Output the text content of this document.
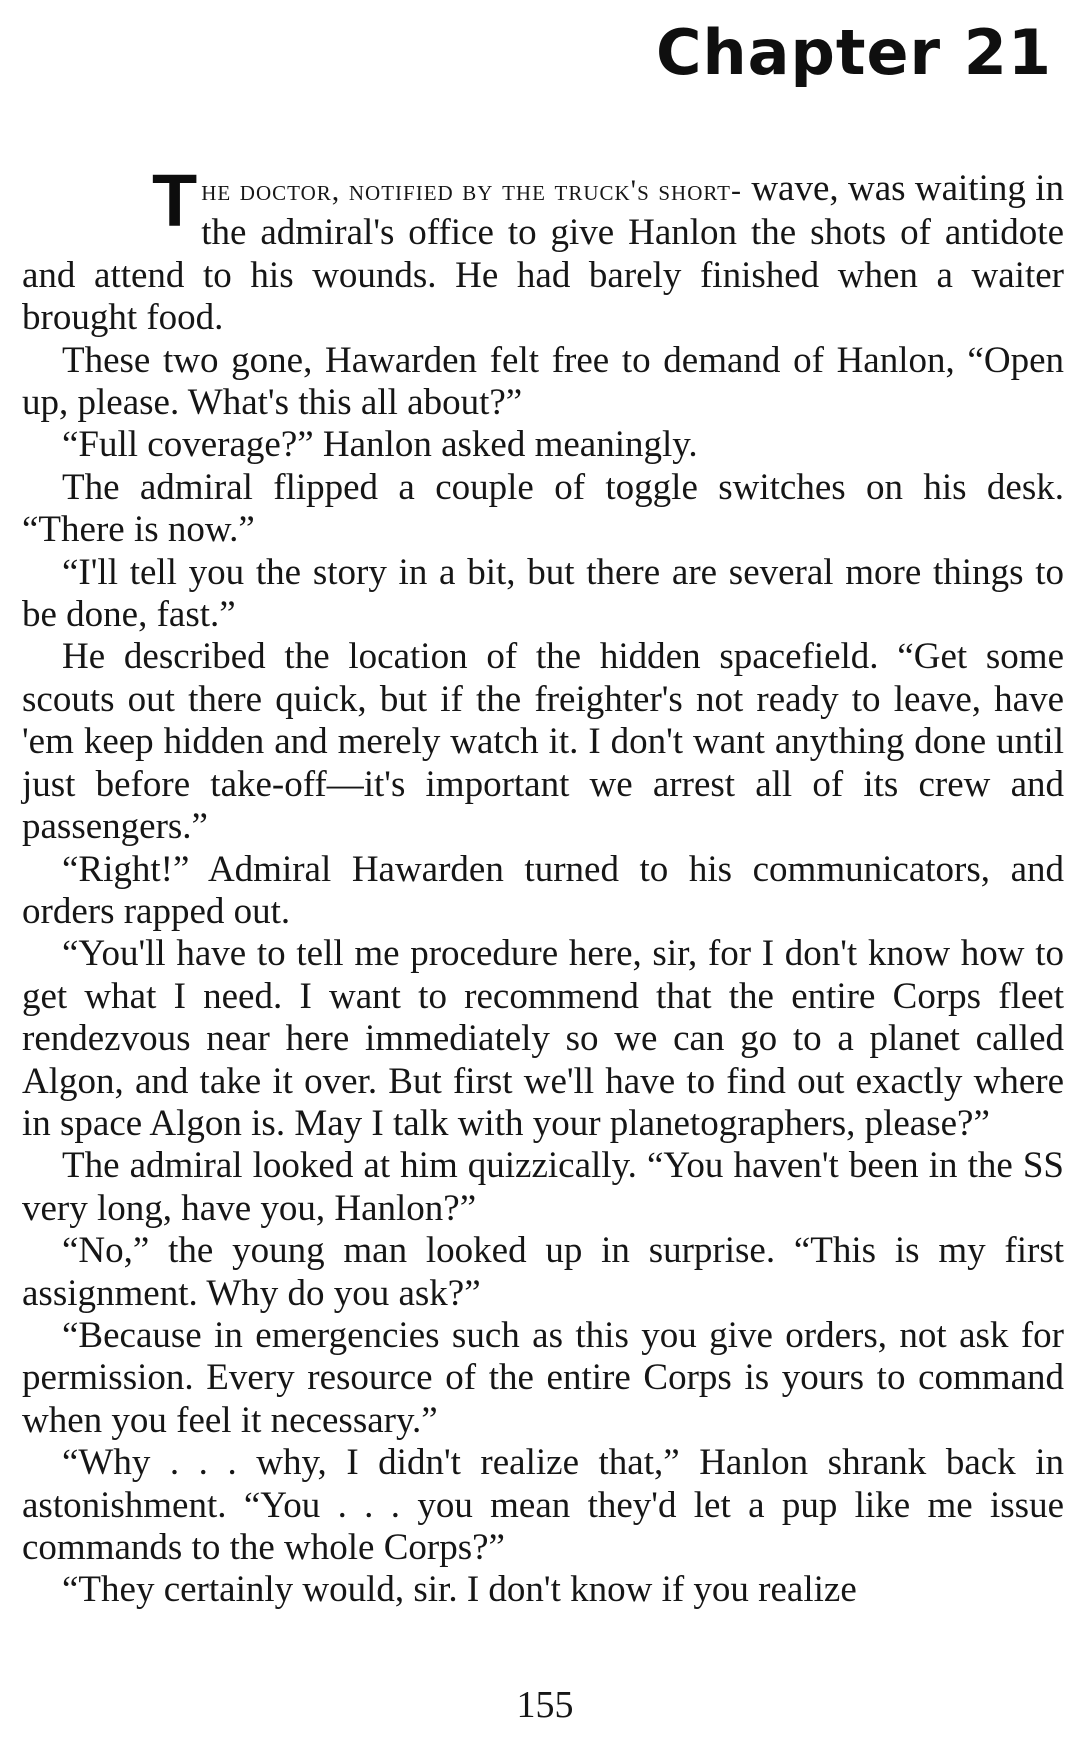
Chapter 21

The doctor, notified by the truck's short- wave, was waiting in the admiral's office to give Hanlon the shots of antidote and attend to his wounds. He had barely finished when a waiter brought food.

These two gone, Hawarden felt free to demand of Hanlon, “Open up, please. What's this all about?”

“Full coverage?” Hanlon asked meaningly.

The admiral flipped a couple of toggle switches on his desk. “There is now.”

“I'll tell you the story in a bit, but there are several more things to be done, fast.”

He described the location of the hidden spacefield. “Get some scouts out there quick, but if the freighter's not ready to leave, have 'em keep hidden and merely watch it. I don't want anything done until just before take-off—it's important we arrest all of its crew and passengers.”

“Right!” Admiral Hawarden turned to his communicators, and orders rapped out.

“You'll have to tell me procedure here, sir, for I don't know how to get what I need. I want to recommend that the entire Corps fleet rendezvous near here immediately so we can go to a planet called Algon, and take it over. But first we'll have to find out exactly where in space Algon is. May I talk with your planetographers, please?”

The admiral looked at him quizzically. “You haven't been in the SS very long, have you, Hanlon?”

“No,” the young man looked up in surprise. “This is my first assignment. Why do you ask?”

“Because in emergencies such as this you give orders, not ask for permission. Every resource of the entire Corps is yours to command when you feel it necessary.”

“Why . . . why, I didn't realize that,” Hanlon shrank back in astonishment. “You . . . you mean they'd let a pup like me issue commands to the whole Corps?”

“They certainly would, sir. I don't know if you realize

155
